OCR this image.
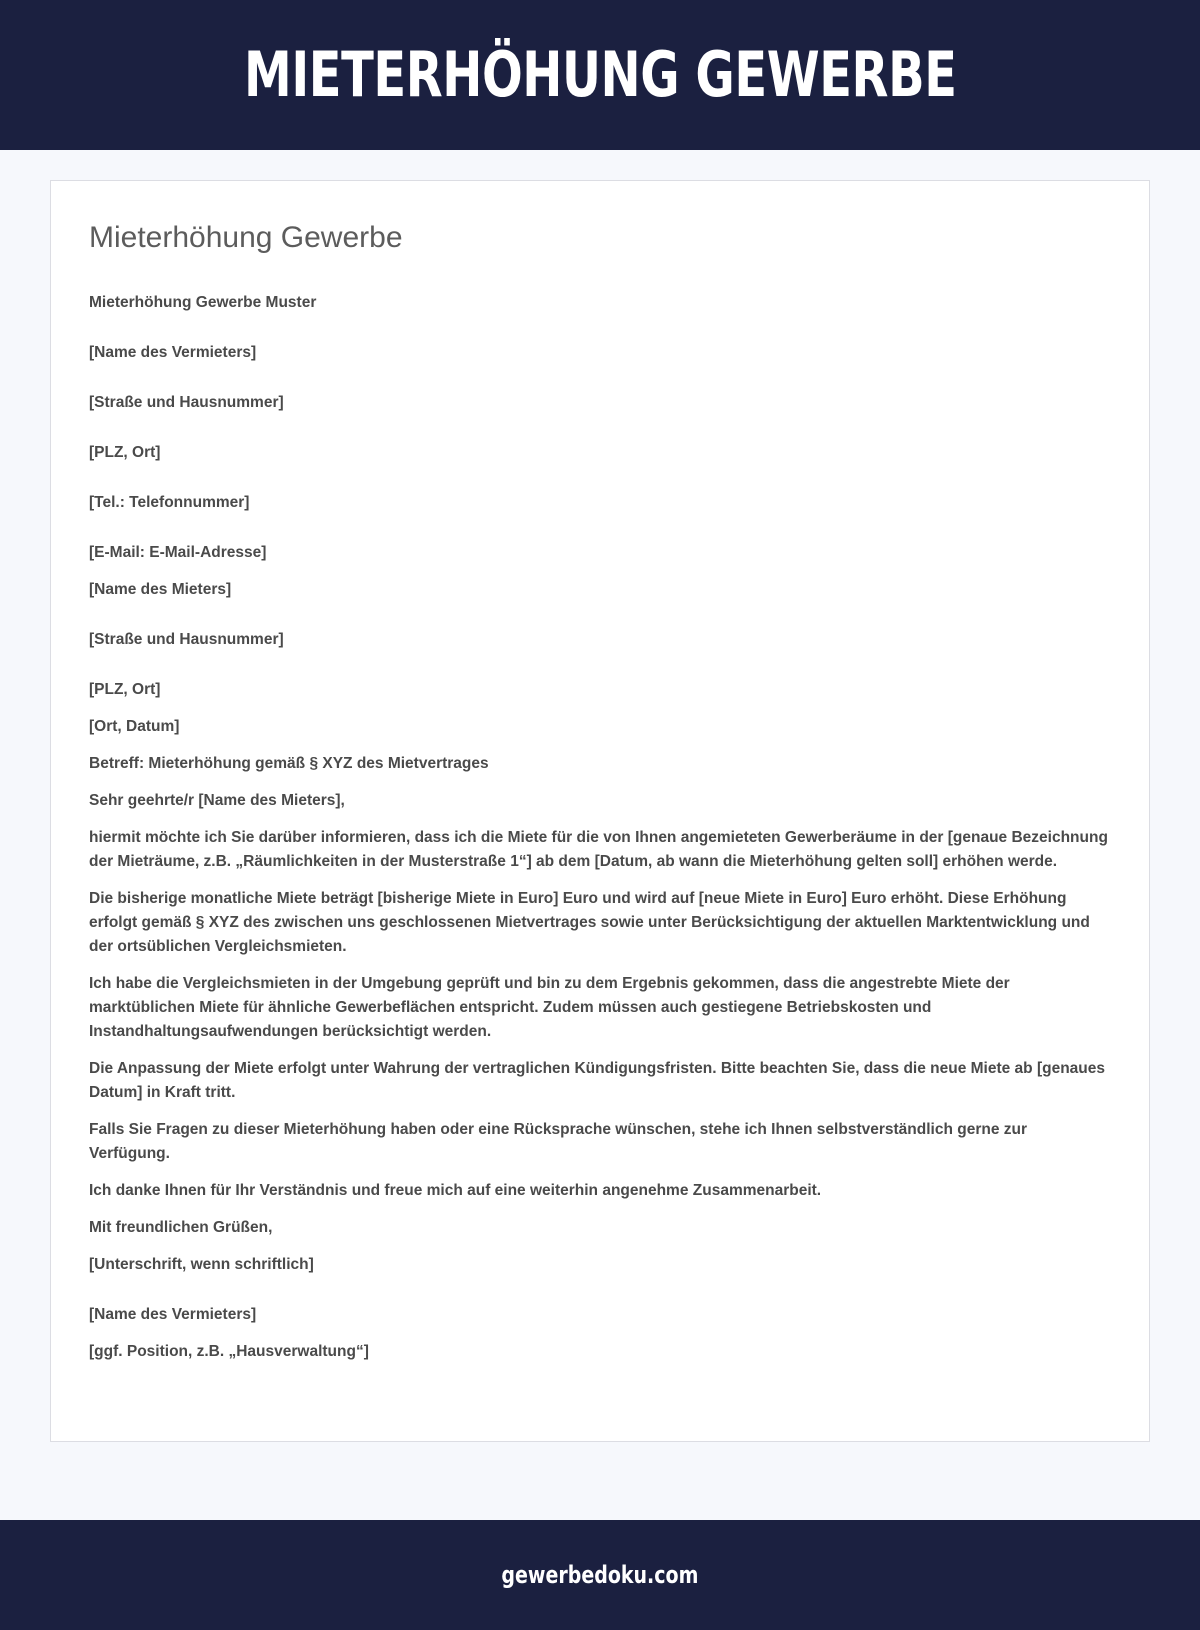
MIETERHÖHUNG GEWERBE
Mieterhöhung Gewerbe

Mieterhöhung Gewerbe Muster

[Name des Vermieters]

[Straße und Hausnummer]

[PLZ, Ort]

[Tel.: Telefonnummer]

[E-Mail: E-Mail-Adresse]

[Name des Mieters]

[Straße und Hausnummer]

[PLZ, Ort]

[Ort, Datum]

Betreff: Mieterhöhung gemäß § XYZ des Mietvertrages

Sehr geehrte/r [Name des Mieters],

hiermit möchte ich Sie darüber informieren, dass ich die Miete für die von Ihnen angemieteten Gewerberäume in der [genaue Bezeichnung der Mieträume, z.B. „Räumlichkeiten in der Musterstraße 1“] ab dem [Datum, ab wann die Mieterhöhung gelten soll] erhöhen werde.

Die bisherige monatliche Miete beträgt [bisherige Miete in Euro] Euro und wird auf [neue Miete in Euro] Euro erhöht. Diese Erhöhung erfolgt gemäß § XYZ des zwischen uns geschlossenen Mietvertrages sowie unter Berücksichtigung der aktuellen Marktentwicklung und der ortsüblichen Vergleichsmieten.

Ich habe die Vergleichsmieten in der Umgebung geprüft und bin zu dem Ergebnis gekommen, dass die angestrebte Miete der marktüblichen Miete für ähnliche Gewerbeflächen entspricht. Zudem müssen auch gestiegene Betriebskosten und Instandhaltungsaufwendungen berücksichtigt werden.

Die Anpassung der Miete erfolgt unter Wahrung der vertraglichen Kündigungsfristen. Bitte beachten Sie, dass die neue Miete ab [genaues Datum] in Kraft tritt.

Falls Sie Fragen zu dieser Mieterhöhung haben oder eine Rücksprache wünschen, stehe ich Ihnen selbstverständlich gerne zur Verfügung.

Ich danke Ihnen für Ihr Verständnis und freue mich auf eine weiterhin angenehme Zusammenarbeit.

Mit freundlichen Grüßen,

[Unterschrift, wenn schriftlich]

[Name des Vermieters]

[ggf. Position, z.B. „Hausverwaltung“]

gewerbedoku.com
